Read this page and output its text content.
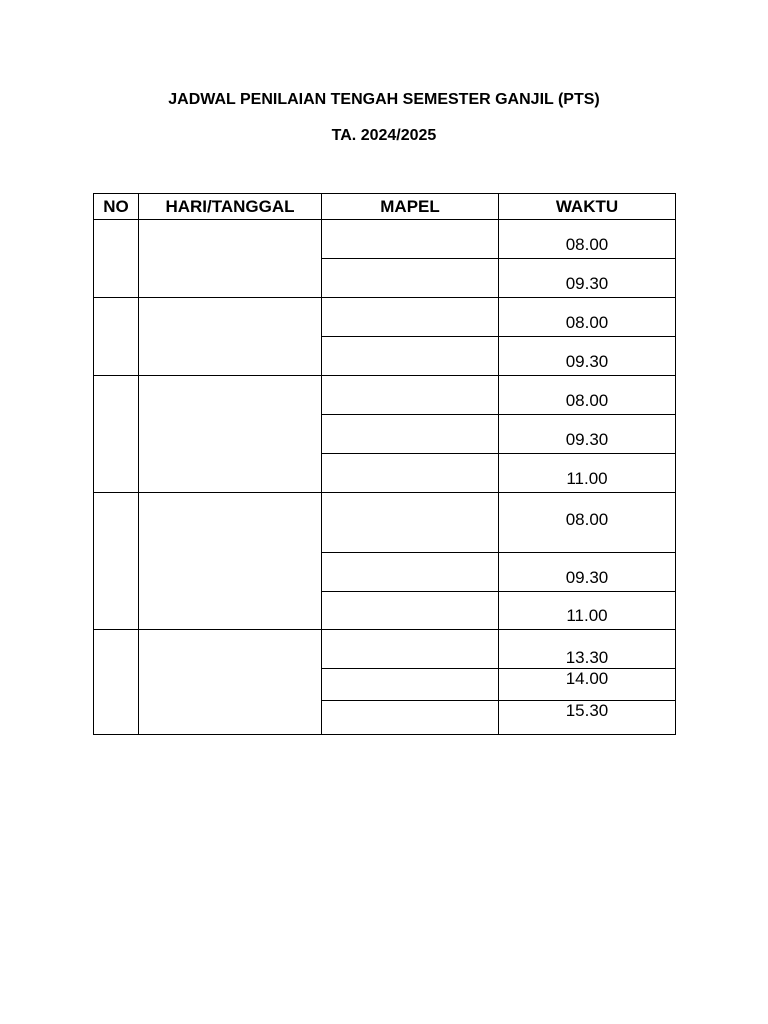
JADWAL PENILAIAN TENGAH SEMESTER GANJIL (PTS)
TA. 2024/2025
NO	HARI/TANGGAL	MAPEL	WAKTU
			08.00
			09.30
			08.00
			09.30
			08.00
			09.30
			11.00
			08.00
			09.30
			11.00
			13.30
			14.00
			15.30
